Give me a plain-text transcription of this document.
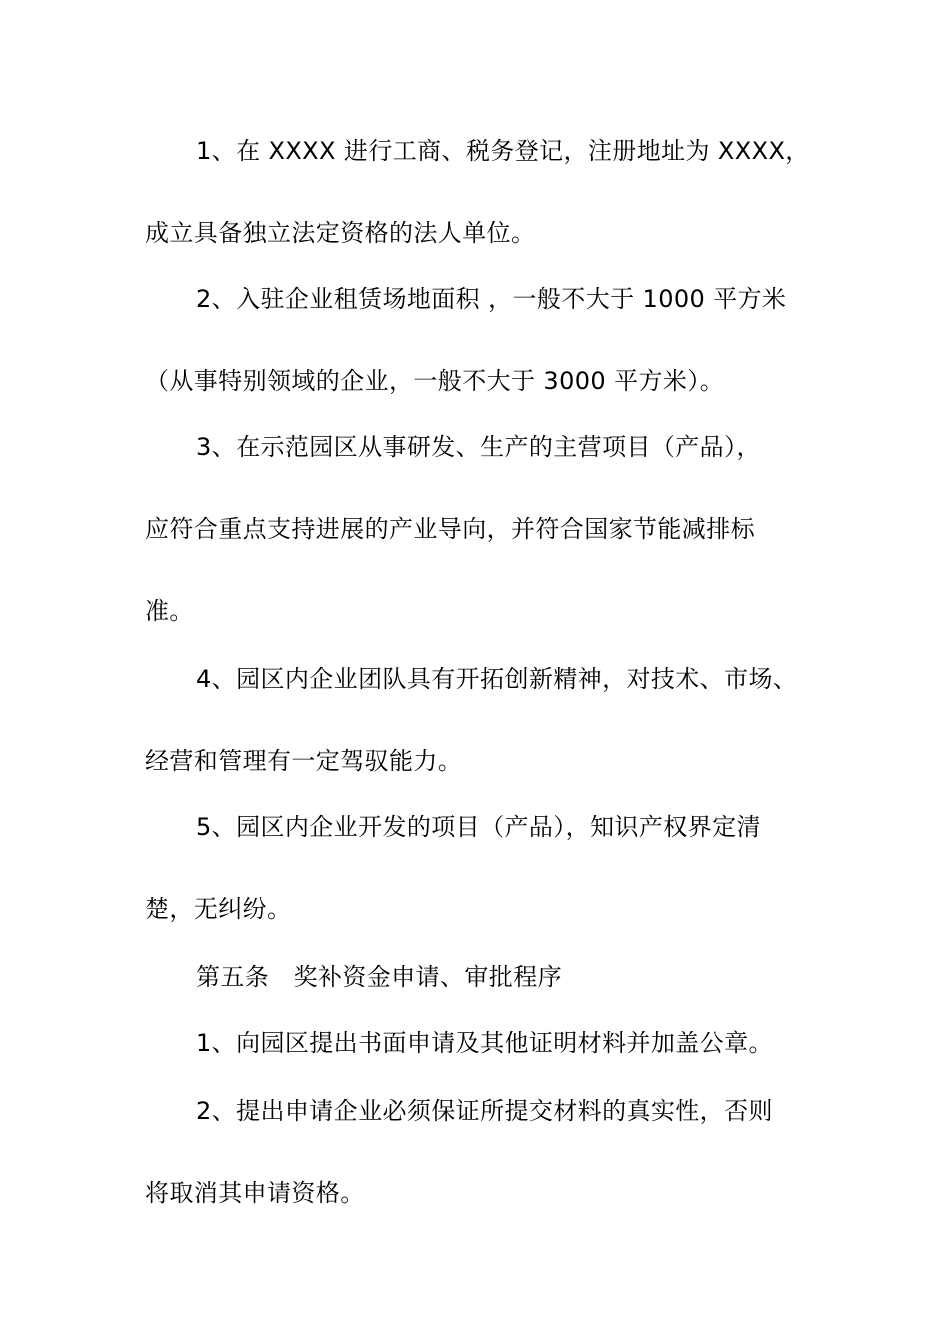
1、在 XXXX 进行工商、税务登记，注册地址为 XXXX，
成立具备独立法定资格的法人单位。
2、入驻企业租赁场地面积 ，一般不大于 1000 平方米
（从事特别领域的企业，一般不大于 3000 平方米）。
3、在示范园区从事研发、生产的主营项目（产品），
应符合重点支持进展的产业导向，并符合国家节能减排标
准。
4、园区内企业团队具有开拓创新精神，对技术、市场、
经营和管理有一定驾驭能力。
5、园区内企业开发的项目（产品），知识产权界定清
楚，无纠纷。
第五条　奖补资金申请、审批程序
1、向园区提出书面申请及其他证明材料并加盖公章。
2、提出申请企业必须保证所提交材料的真实性，否则
将取消其申请资格。
